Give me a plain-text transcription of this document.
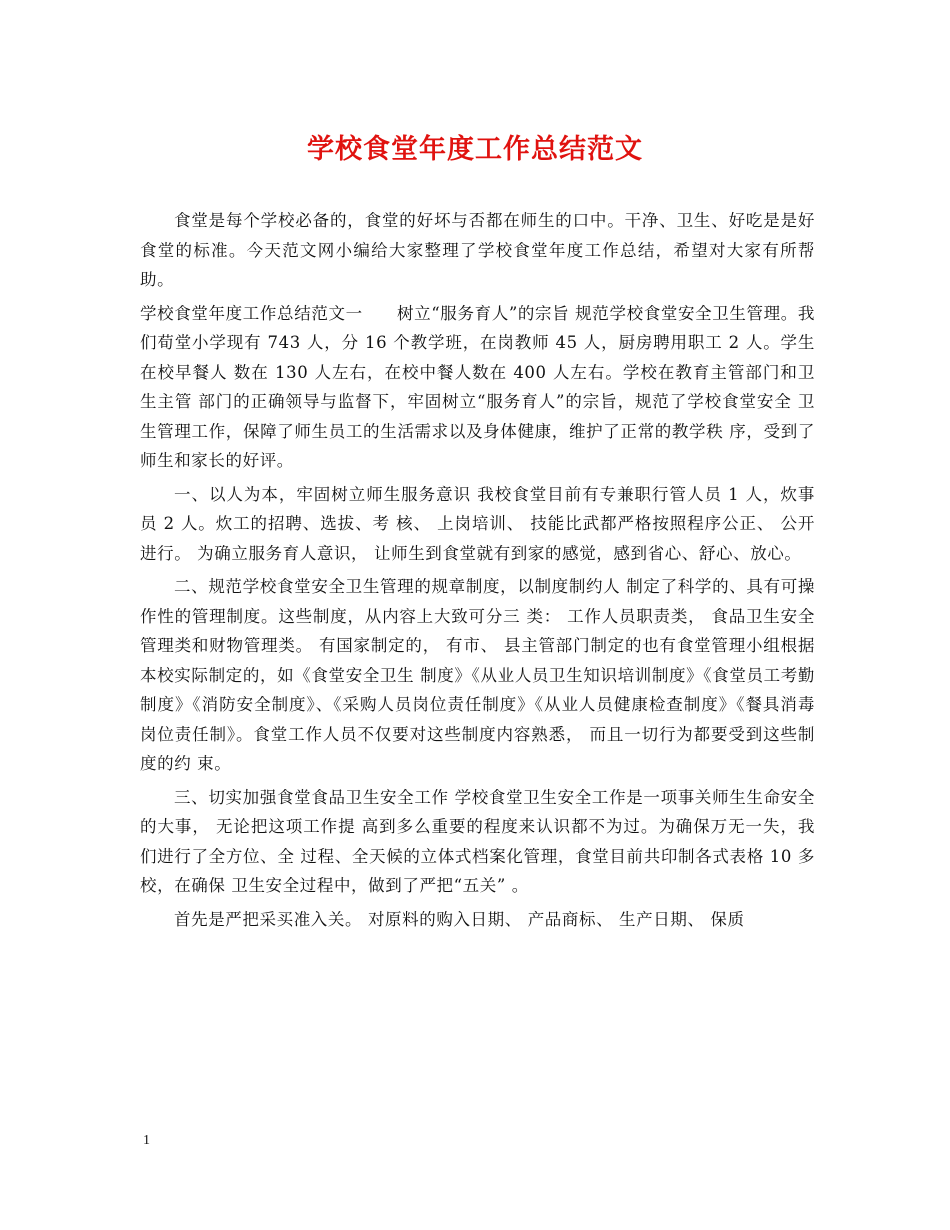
学校食堂年度工作总结范文

食堂是每个学校必备的，食堂的好坏与否都在师生的口中。干净、卫生、好吃是是好食堂的标准。今天范文网小编给大家整理了学校食堂年度工作总结，希望对大家有所帮助。

学校食堂年度工作总结范文一　　树立“服务育人”的宗旨 规范学校食堂安全卫生管理。我们荀堂小学现有 743 人，分 16 个教学班，在岗教师 45 人，厨房聘用职工 2 人。学生在校早餐人 数在 130 人左右，在校中餐人数在 400 人左右。学校在教育主管部门和卫生主管 部门的正确领导与监督下，牢固树立“服务育人”的宗旨，规范了学校食堂安全 卫生管理工作，保障了师生员工的生活需求以及身体健康，维护了正常的教学秩 序，受到了师生和家长的好评。

一、以人为本，牢固树立师生服务意识 我校食堂目前有专兼职行管人员 1 人，炊事员 2 人。炊工的招聘、选拔、考 核、 上岗培训、 技能比武都严格按照程序公正、 公开进行。 为确立服务育人意识， 让师生到食堂就有到家的感觉，感到省心、舒心、放心。

二、规范学校食堂安全卫生管理的规章制度，以制度制约人 制定了科学的、具有可操作性的管理制度。这些制度，从内容上大致可分三 类： 工作人员职责类， 食品卫生安全管理类和财物管理类。 有国家制定的， 有市、 县主管部门制定的也有食堂管理小组根据本校实际制定的，如《食堂安全卫生 制度》《从业人员卫生知识培训制度》《食堂员工考勤制度》《消防安全制度》、《采购人员岗位责任制度》《从业人员健康检查制度》《餐具消毒岗位责任制》。食堂工作人员不仅要对这些制度内容熟悉， 而且一切行为都要受到这些制度的约 束。

三、切实加强食堂食品卫生安全工作 学校食堂卫生安全工作是一项事关师生生命安全的大事， 无论把这项工作提 高到多么重要的程度来认识都不为过。为确保万无一失，我们进行了全方位、全 过程、全天候的立体式档案化管理，食堂目前共印制各式表格 10 多校，在确保 卫生安全过程中，做到了严把“五关” 。

首先是严把采买准入关。 对原料的购入日期、 产品商标、 生产日期、 保质

1
